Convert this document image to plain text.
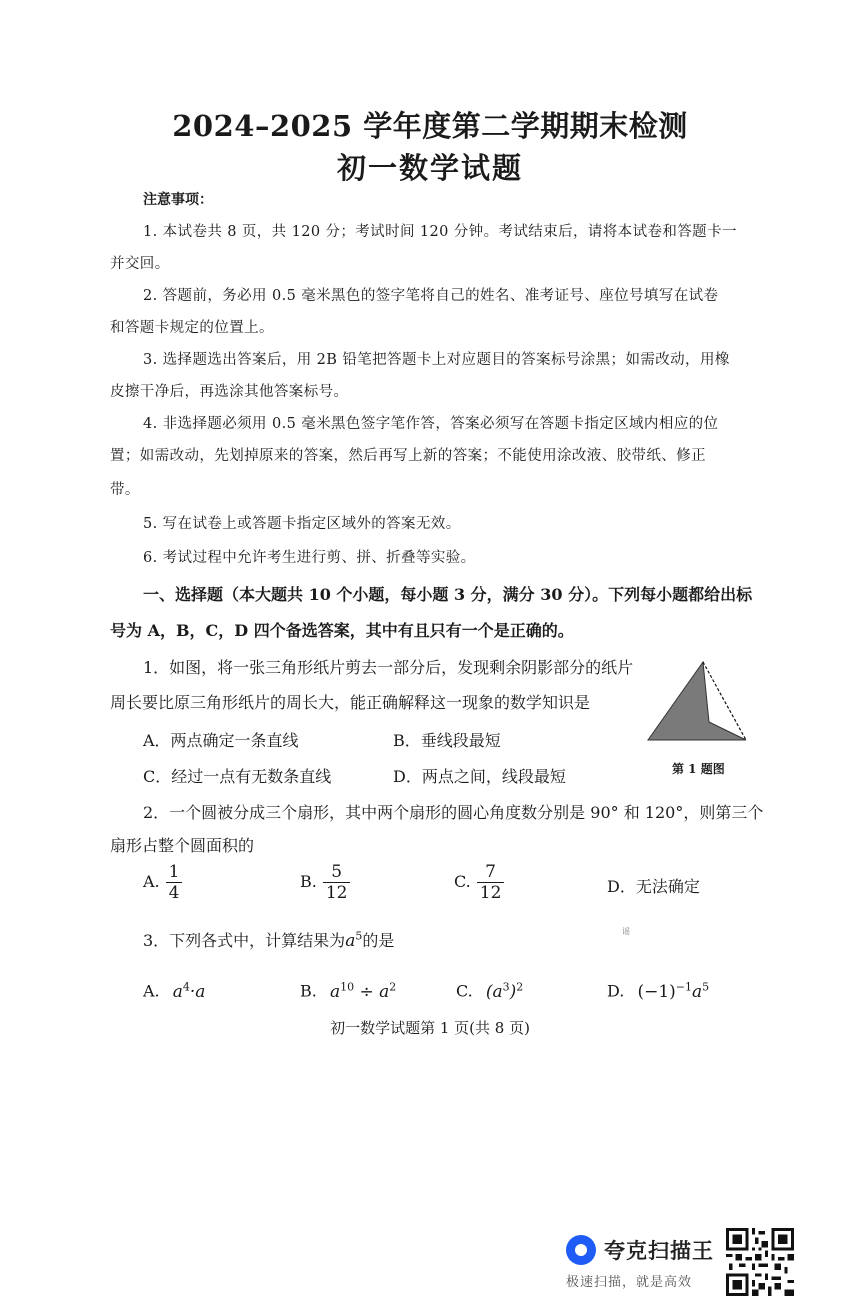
2024–2025 学年度第二学期期末检测
初一数学试题
注意事项：
1. 本试卷共 8 页，共 120 分；考试时间 120 分钟。考试结束后，请将本试卷和答题卡一
并交回。
2. 答题前，务必用 0.5 毫米黑色的签字笔将自己的姓名、准考证号、座位号填写在试卷
和答题卡规定的位置上。
3. 选择题选出答案后，用 2B 铅笔把答题卡上对应题目的答案标号涂黑；如需改动，用橡
皮擦干净后，再选涂其他答案标号。
4. 非选择题必须用 0.5 毫米黑色签字笔作答，答案必须写在答题卡指定区域内相应的位
置；如需改动，先划掉原来的答案，然后再写上新的答案；不能使用涂改液、胶带纸、修正
带。
5. 写在试卷上或答题卡指定区域外的答案无效。
6. 考试过程中允许考生进行剪、拼、折叠等实验。
一、选择题（本大题共 10 个小题，每小题 3 分，满分 30 分）。下列每小题都给出标
号为 A，B，C，D 四个备选答案，其中有且只有一个是正确的。
1．如图，将一张三角形纸片剪去一部分后，发现剩余阴影部分的纸片
周长要比原三角形纸片的周长大，能正确解释这一现象的数学知识是
A．两点确定一条直线	B．垂线段最短
C．经过一点有无数条直线	D．两点之间，线段最短	第 1 题图
2．一个圆被分成三个扇形，其中两个扇形的圆心角度数分别是 90° 和 120°，则第三个
扇形占整个圆面积的
A. $\frac{1}{4}$	B. $\frac{5}{12}$	C. $\frac{7}{12}$	D．无法确定
3．下列各式中，计算结果为$a^5$的是	谣
A. $a^4\cdot a$	B. $a^{10} \div a^2$	C. $(a^3)^2$	D. $(-1)^{-1}a^5$
初一数学试题第 1 页(共 8 页)
夸克扫描王
极速扫描，就是高效
